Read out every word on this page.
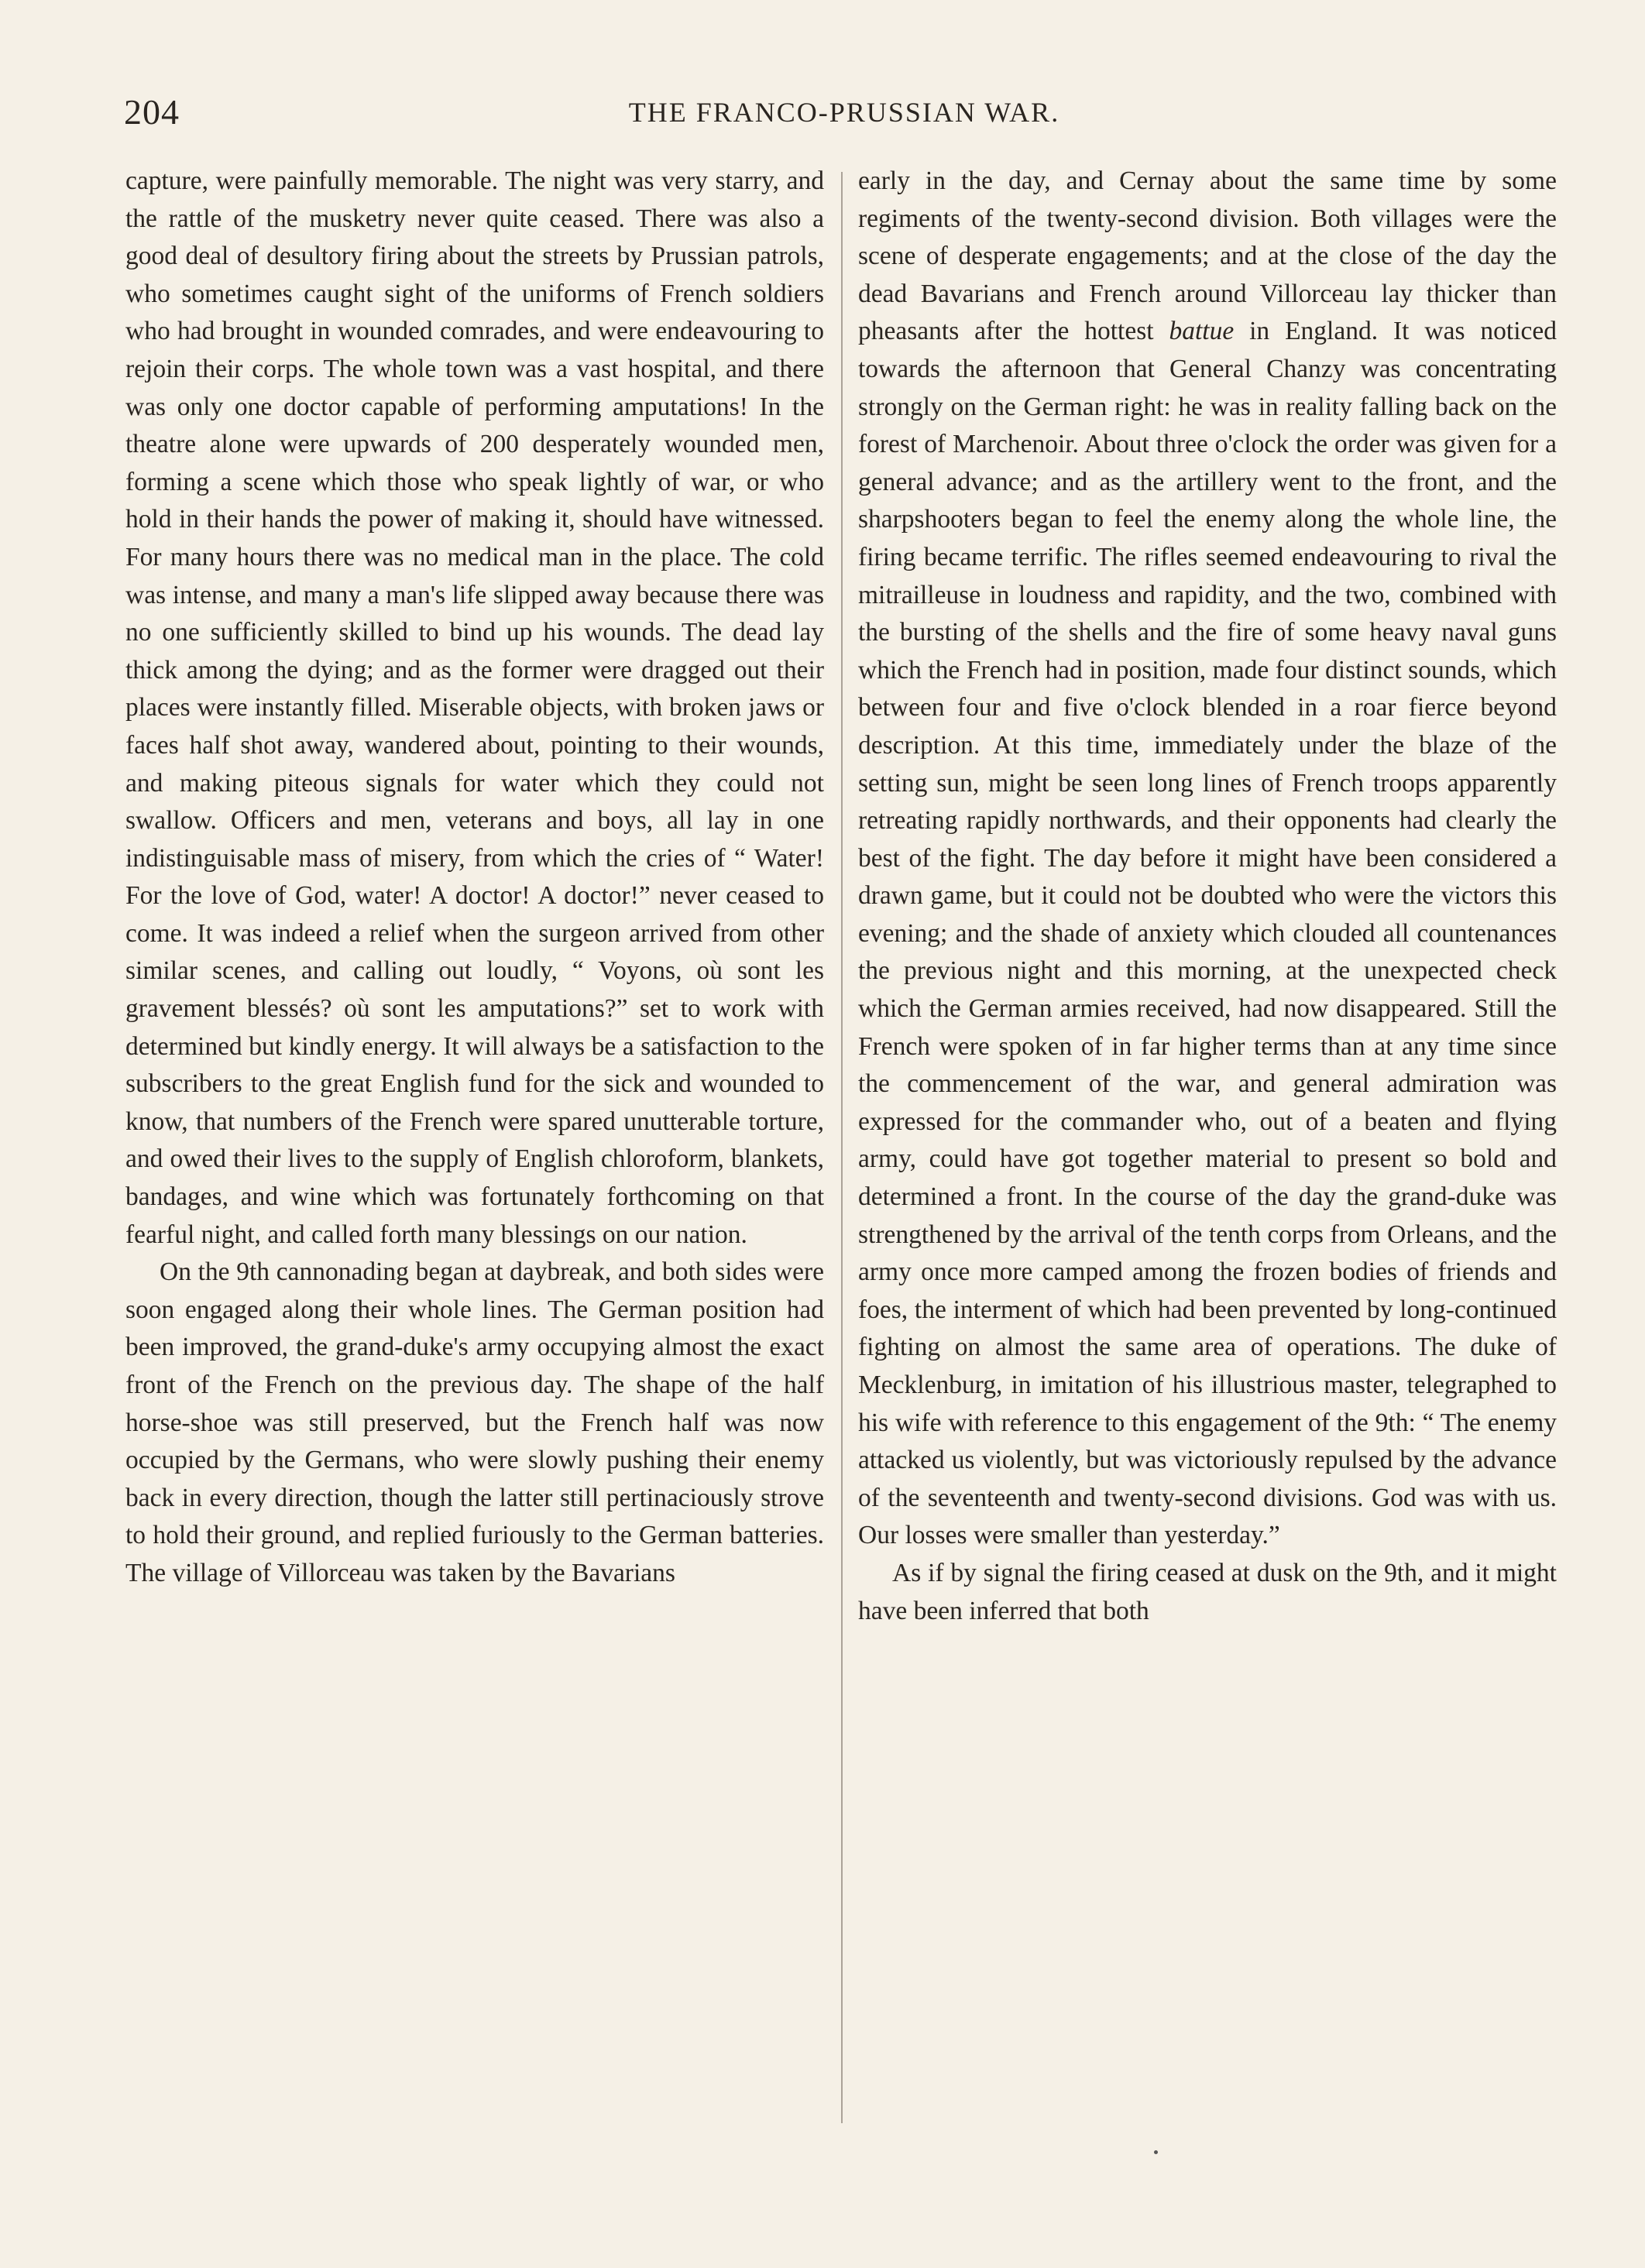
204	THE FRANCO-PRUSSIAN WAR.

capture, were painfully memorable. The night was very starry, and the rattle of the musketry never quite ceased. There was also a good deal of desultory firing about the streets by Prussian patrols, who sometimes caught sight of the uniforms of French soldiers who had brought in wounded comrades, and were endeavouring to rejoin their corps. The whole town was a vast hospital, and there was only one doctor capable of performing amputations! In the theatre alone were upwards of 200 desperately wounded men, forming a scene which those who speak lightly of war, or who hold in their hands the power of making it, should have witnessed. For many hours there was no medical man in the place. The cold was intense, and many a man's life slipped away because there was no one sufficiently skilled to bind up his wounds. The dead lay thick among the dying; and as the former were dragged out their places were instantly filled. Miserable objects, with broken jaws or faces half shot away, wandered about, pointing to their wounds, and making piteous signals for water which they could not swallow. Officers and men, veterans and boys, all lay in one indistinguisable mass of misery, from which the cries of “ Water! For the love of God, water! A doctor! A doctor!” never ceased to come. It was indeed a relief when the surgeon arrived from other similar scenes, and calling out loudly, “ Voyons, où sont les gravement blessés? où sont les amputations?” set to work with determined but kindly energy. It will always be a satisfaction to the subscribers to the great English fund for the sick and wounded to know, that numbers of the French were spared unutterable torture, and owed their lives to the supply of English chloroform, blankets, bandages, and wine which was fortunately forthcoming on that fearful night, and called forth many blessings on our nation.

On the 9th cannonading began at daybreak, and both sides were soon engaged along their whole lines. The German position had been improved, the grand-duke's army occupying almost the exact front of the French on the previous day. The shape of the half horse-shoe was still preserved, but the French half was now occupied by the Germans, who were slowly pushing their enemy back in every direction, though the latter still pertinaciously strove to hold their ground, and replied furiously to the German batteries. The village of Villorceau was taken by the Bavarians

early in the day, and Cernay about the same time by some regiments of the twenty-second division. Both villages were the scene of desperate engagements; and at the close of the day the dead Bavarians and French around Villorceau lay thicker than pheasants after the hottest battue in England. It was noticed towards the afternoon that General Chanzy was concentrating strongly on the German right: he was in reality falling back on the forest of Marchenoir. About three o'clock the order was given for a general advance; and as the artillery went to the front, and the sharpshooters began to feel the enemy along the whole line, the firing became terrific. The rifles seemed endeavouring to rival the mitrailleuse in loudness and rapidity, and the two, combined with the bursting of the shells and the fire of some heavy naval guns which the French had in position, made four distinct sounds, which between four and five o'clock blended in a roar fierce beyond description. At this time, immediately under the blaze of the setting sun, might be seen long lines of French troops apparently retreating rapidly northwards, and their opponents had clearly the best of the fight. The day before it might have been considered a drawn game, but it could not be doubted who were the victors this evening; and the shade of anxiety which clouded all countenances the previous night and this morning, at the unexpected check which the German armies received, had now disappeared. Still the French were spoken of in far higher terms than at any time since the commencement of the war, and general admiration was expressed for the commander who, out of a beaten and flying army, could have got together material to present so bold and determined a front. In the course of the day the grand-duke was strengthened by the arrival of the tenth corps from Orleans, and the army once more camped among the frozen bodies of friends and foes, the interment of which had been prevented by long-continued fighting on almost the same area of operations. The duke of Mecklenburg, in imitation of his illustrious master, telegraphed to his wife with reference to this engagement of the 9th: “ The enemy attacked us violently, but was victoriously repulsed by the advance of the seventeenth and twenty-second divisions. God was with us. Our losses were smaller than yesterday.”

As if by signal the firing ceased at dusk on the 9th, and it might have been inferred that both
